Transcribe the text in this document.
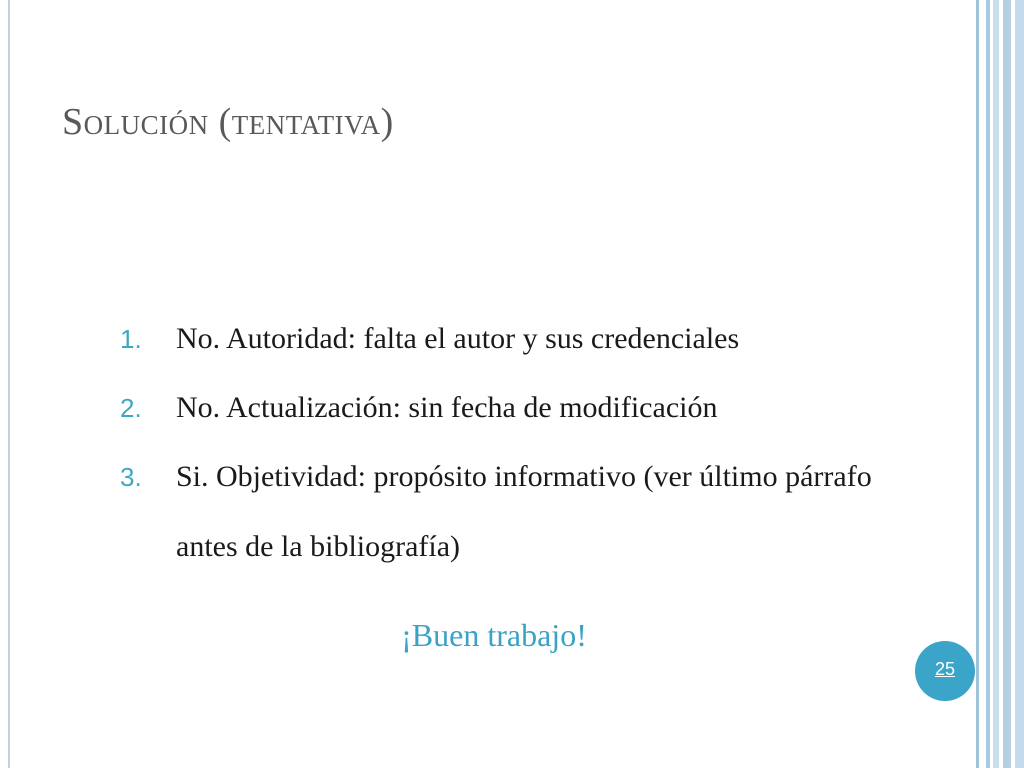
Solución (tentativa)
1.	No. Autoridad: falta el autor y sus credenciales
2.	No. Actualización: sin fecha de modificación
3.	Si. Objetividad: propósito informativo (ver último párrafo antes de la bibliografía)
¡Buen trabajo!
25
